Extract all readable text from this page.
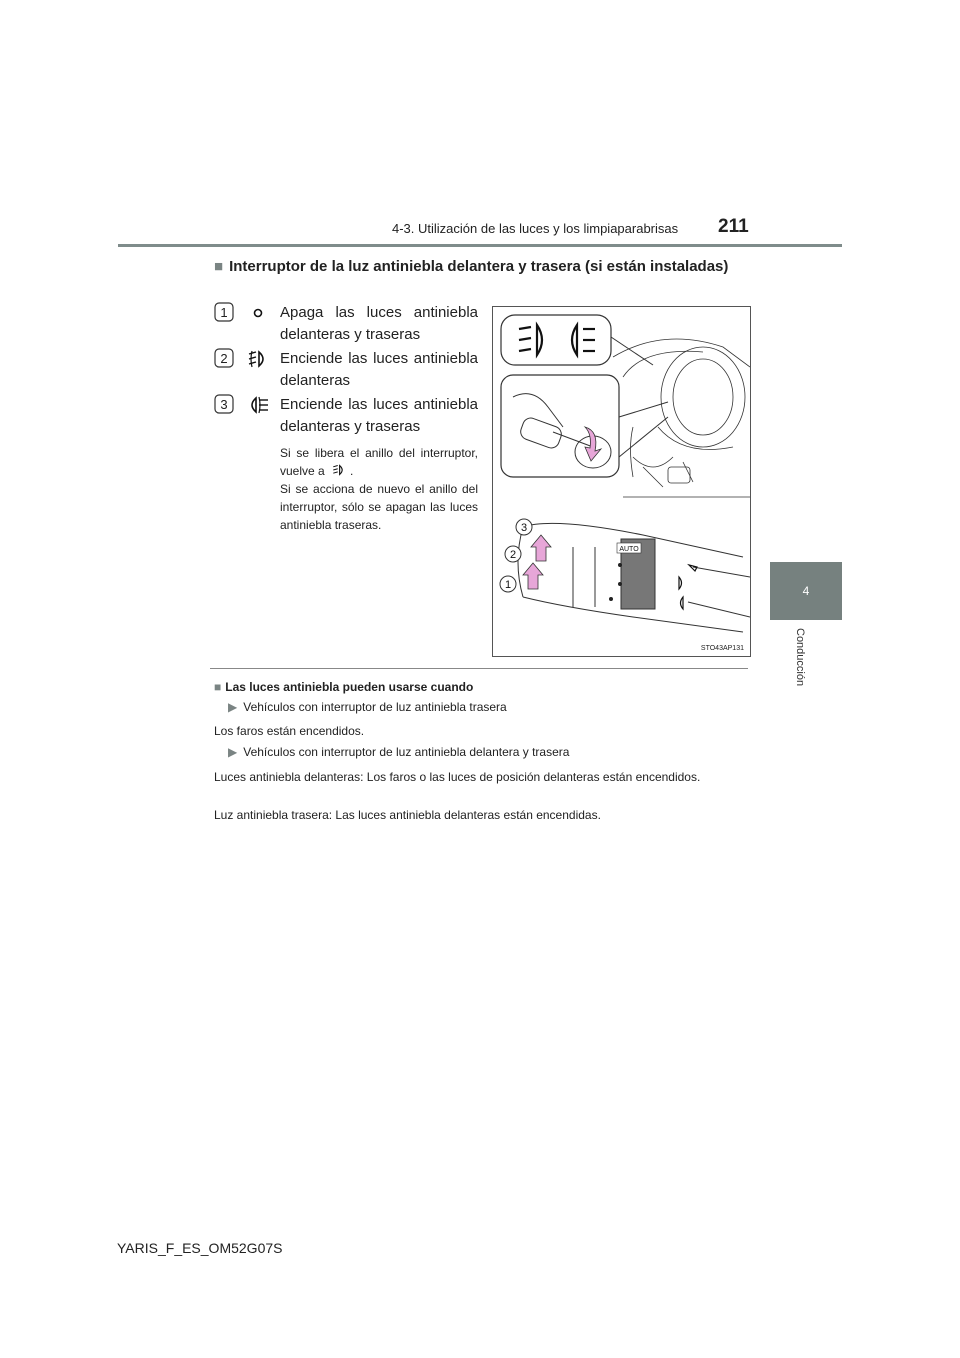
4-3. Utilización de las luces y los limpiaparabrisas 211
4
Conducción
■ Interruptor de la luz antiniebla delantera y trasera (si están instaladas)
1	Apaga las luces antiniebla delanteras y traseras
2	Enciende las luces antiniebla delanteras
3	Enciende las luces antiniebla delanteras y traseras
Si se libera el anillo del interruptor, vuelve a .
Si se acciona de nuevo el anillo del interruptor, sólo se apagan las luces antiniebla traseras.
AUTO
3
2
1
STO43AP131
■ Las luces antiniebla pueden usarse cuando
▶ Vehículos con interruptor de luz antiniebla trasera
Los faros están encendidos.
▶ Vehículos con interruptor de luz antiniebla delantera y trasera
Luces antiniebla delanteras: Los faros o las luces de posición delanteras están encendidos.
Luz antiniebla trasera: Las luces antiniebla delanteras están encendidas.
YARIS_F_ES_OM52G07S
